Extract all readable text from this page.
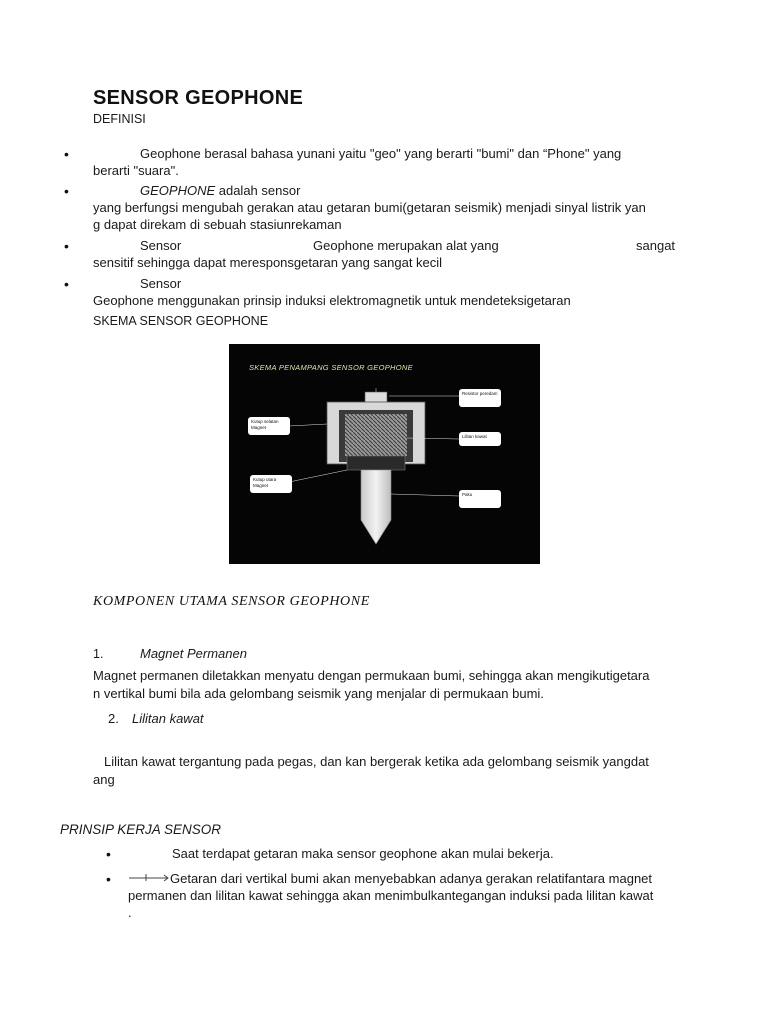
SENSOR GEOPHONE
DEFINISI
•	Geophone berasal bahasa yunani yaitu "geo" yang berarti "bumi" dan “Phone" yang
berarti "suara".
•	GEOPHONE adalah sensor
yang berfungsi mengubah gerakan atau getaran bumi(getaran seismik) menjadi sinyal listrik yan
g dapat direkam di sebuah stasiunrekaman
•	Sensor	Geophone merupakan alat yang	sangat
sensitif sehingga dapat meresponsgetaran yang sangat kecil
•	Sensor
Geophone menggunakan prinsip induksi elektromagnetik untuk mendeteksigetaran
SKEMA SENSOR GEOPHONE
SKEMA PENAMPANG SENSOR GEOPHONE
Resistor peredam
Kutup selatan Magnet
Lilitan kawat
Kutup utara Magnet
Paku
KOMPONEN UTAMA SENSOR GEOPHONE
1.	Magnet Permanen
Magnet permanen diletakkan menyatu dengan permukaan bumi, sehingga akan mengikutigetara
n vertikal bumi bila ada gelombang seismik yang menjalar di permukaan bumi.
2. Lilitan kawat
Lilitan kawat tergantung pada pegas, dan kan bergerak ketika ada gelombang seismik yangdat
ang
PRINSIP KERJA SENSOR
•	Saat terdapat getaran maka sensor geophone akan mulai bekerja.
•	Getaran dari vertikal bumi akan menyebabkan adanya gerakan relatifantara magnet
permanen dan lilitan kawat sehingga akan menimbulkantegangan induksi pada lilitan kawat
.
